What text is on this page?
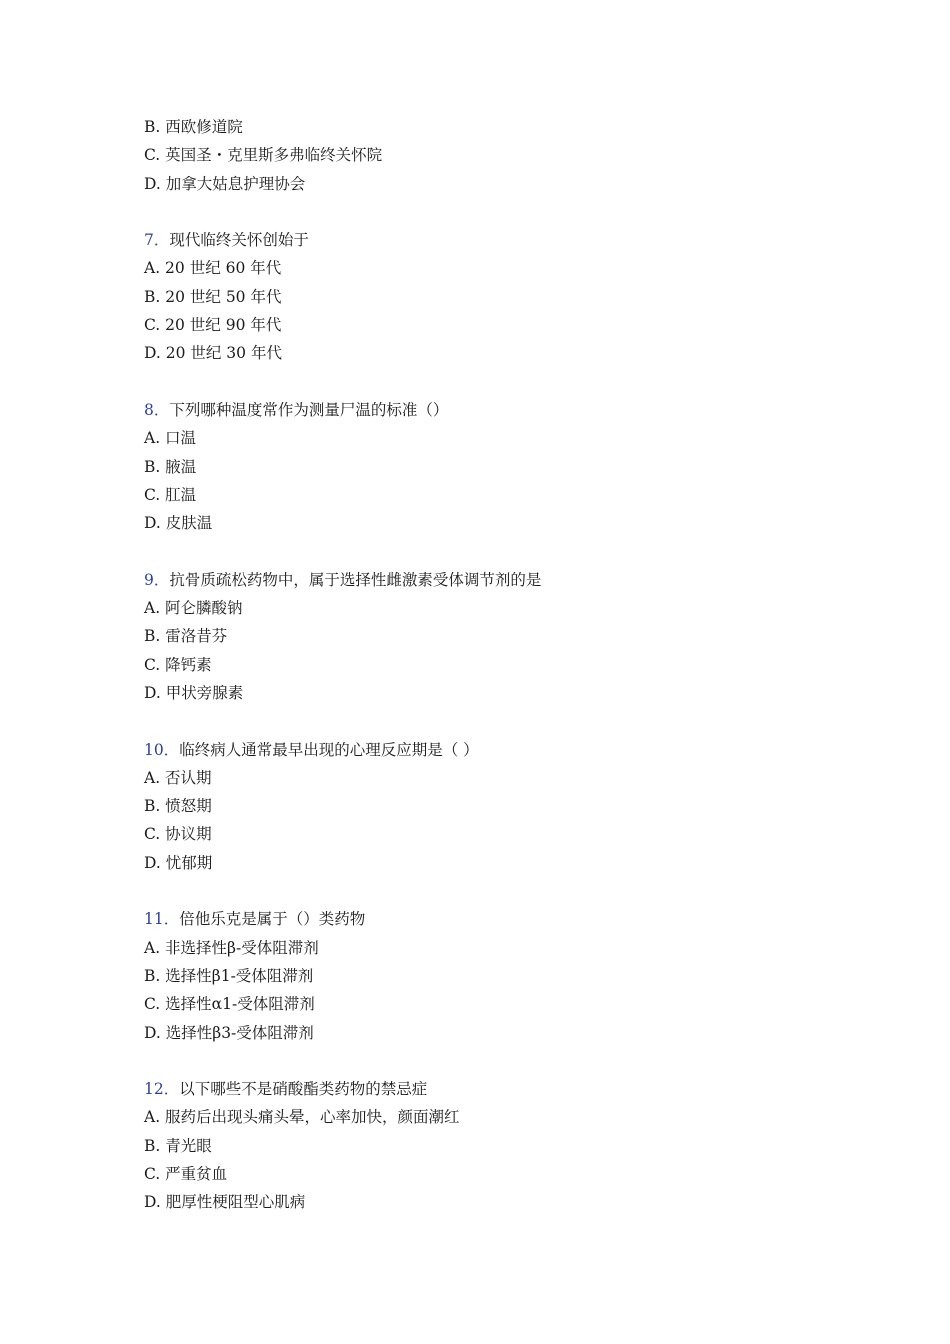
B. 西欧修道院
C. 英国圣・克里斯多弗临终关怀院
D. 加拿大姑息护理协会
7．现代临终关怀创始于
A. 20 世纪 60 年代
B. 20 世纪 50 年代
C. 20 世纪 90 年代
D. 20 世纪 30 年代
8．下列哪种温度常作为测量尸温的标准（）
A. 口温
B. 腋温
C. 肛温
D. 皮肤温
9．抗骨质疏松药物中，属于选择性雌激素受体调节剂的是
A. 阿仑膦酸钠
B. 雷洛昔芬
C. 降钙素
D. 甲状旁腺素
10．临终病人通常最早出现的心理反应期是（ ）
A. 否认期
B. 愤怒期
C. 协议期
D. 忧郁期
11．倍他乐克是属于（）类药物
A. 非选择性β-受体阻滞剂
B. 选择性β1-受体阻滞剂
C. 选择性α1-受体阻滞剂
D. 选择性β3-受体阻滞剂
12．以下哪些不是硝酸酯类药物的禁忌症
A. 服药后出现头痛头晕，心率加快，颜面潮红
B. 青光眼
C. 严重贫血
D. 肥厚性梗阻型心肌病
